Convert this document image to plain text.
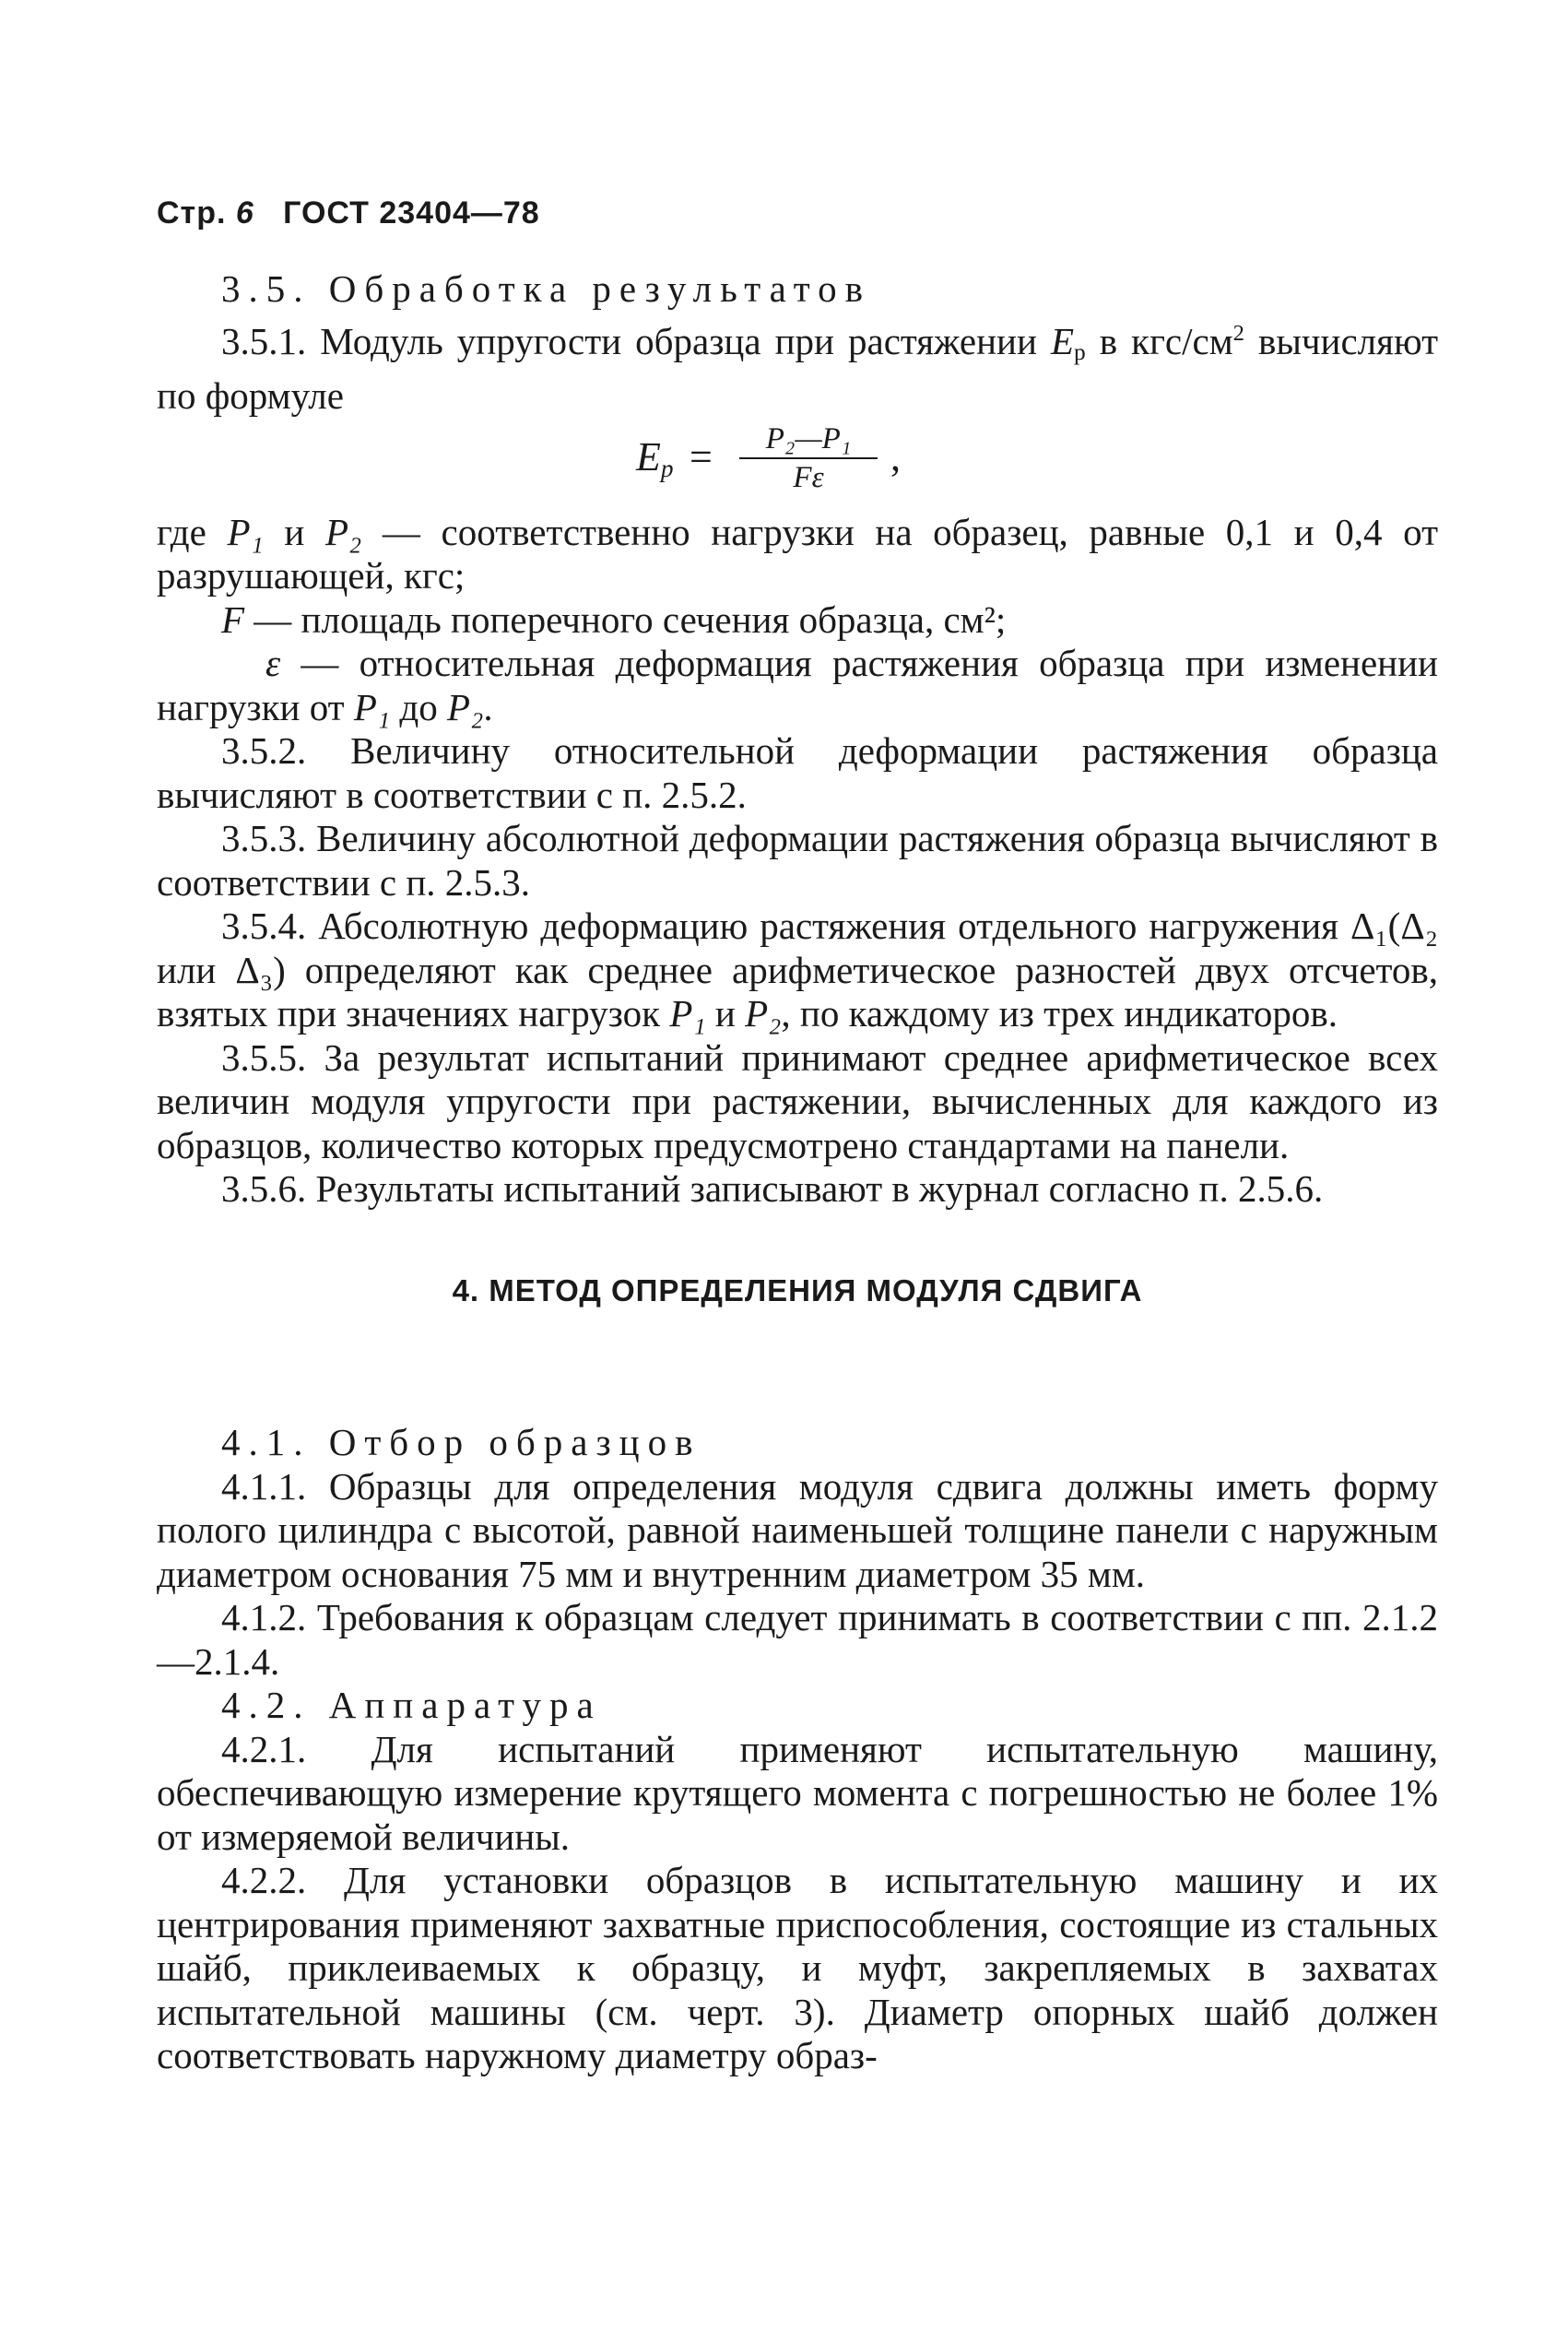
Стр. 6 ГОСТ 23404—78

3.5. Обработка результатов

3.5.1. Модуль упругости образца при растяжении $E_р$ в кгс/$см^2$ вычисляют по формуле

$E_р = \frac{\text{P₂—P₁}}{F\varepsilon}$ ,

где P₁ и P₂ — соответственно нагрузки на образец, равные 0,1 и 0,4 от разрушающей, кгс;

F — площадь поперечного сечения образца, см²;

ε — относительная деформация растяжения образца при изменении нагрузки от P₁ до P₂.

3.5.2. Величину относительной деформации растяжения образца вычисляют в соответствии с п. 2.5.2.

3.5.3. Величину абсолютной деформации растяжения образца вычисляют в соответствии с п. 2.5.3.

3.5.4. Абсолютную деформацию растяжения отдельного нагружения Δ₁(Δ₂ или Δ₃) определяют как среднее арифметическое разностей двух отсчетов, взятых при значениях нагрузок P₁ и P₂, по каждому из трех индикаторов.

3.5.5. За результат испытаний принимают среднее арифметическое всех величин модуля упругости при растяжении, вычисленных для каждого из образцов, количество которых предусмотрено стандартами на панели.

3.5.6. Результаты испытаний записывают в журнал согласно п. 2.5.6.

4. МЕТОД ОПРЕДЕЛЕНИЯ МОДУЛЯ СДВИГА

4.1. Отбор образцов

4.1.1. Образцы для определения модуля сдвига должны иметь форму полого цилиндра с высотой, равной наименьшей толщине панели с наружным диаметром основания 75 мм и внутренним диаметром 35 мм.

4.1.2. Требования к образцам следует принимать в соответствии с пп. 2.1.2—2.1.4.

4.2. Аппаратура

4.2.1. Для испытаний применяют испытательную машину, обеспечивающую измерение крутящего момента с погрешностью не более 1% от измеряемой величины.

4.2.2. Для установки образцов в испытательную машину и их центрирования применяют захватные приспособления, состоящие из стальных шайб, приклеиваемых к образцу, и муфт, закрепляемых в захватах испытательной машины (см. черт. 3). Диаметр опорных шайб должен соответствовать наружному диаметру образ-
